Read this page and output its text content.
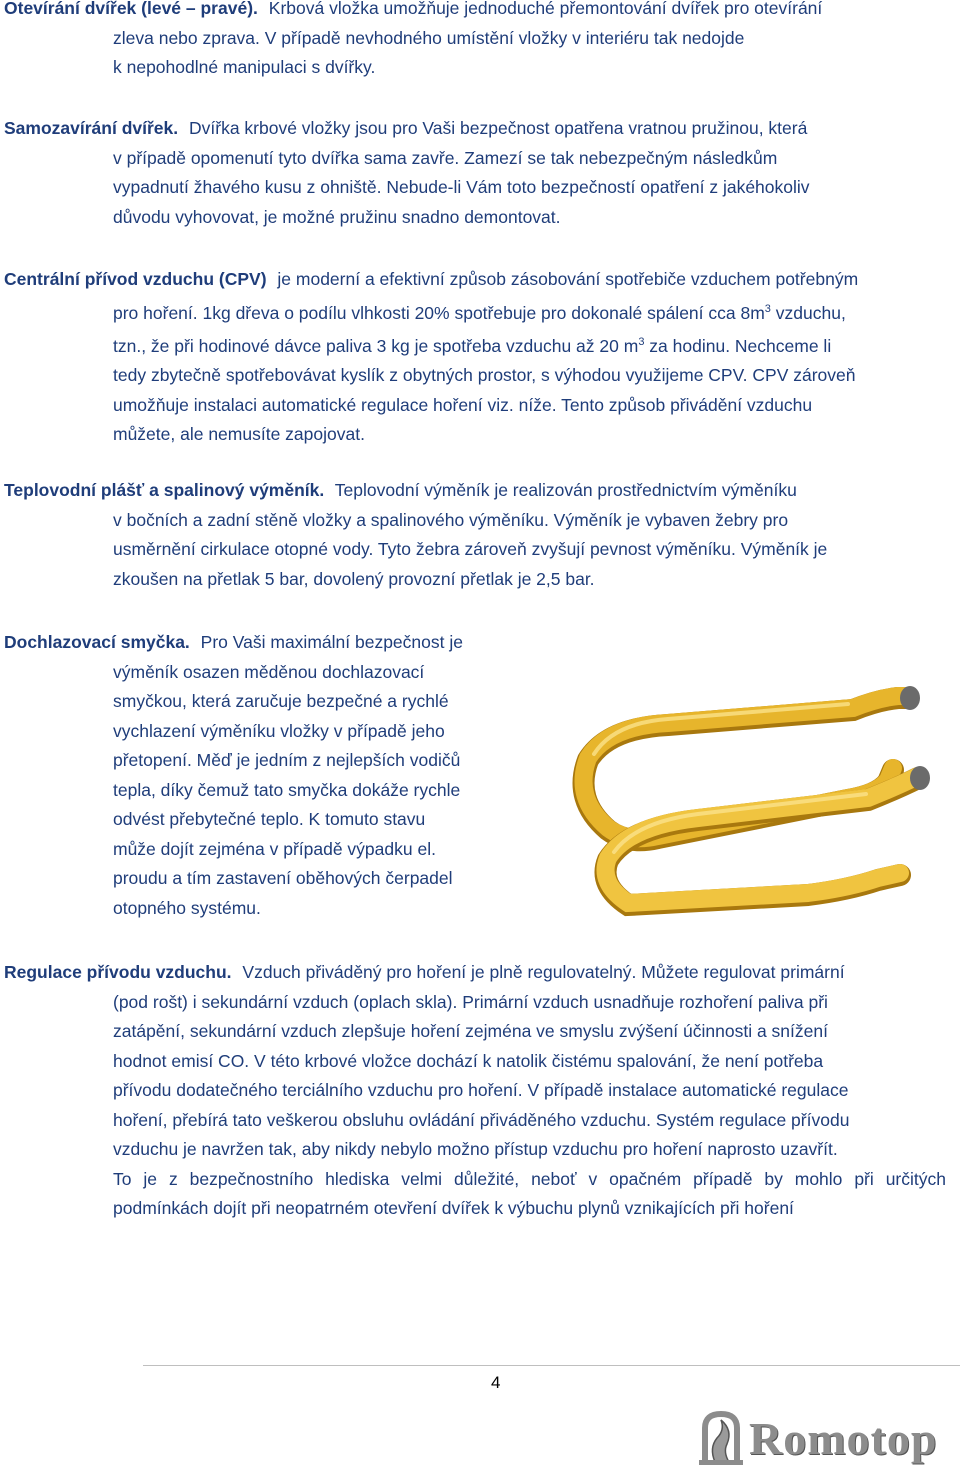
Otevírání dvířek (levé – pravé). Krbová vložka umožňuje jednoduché přemontování dvířek pro otevírání
zleva nebo zprava. V případě nevhodného umístění vložky v interiéru tak nedojde
k nepohodlné manipulaci s dvířky.
Samozavírání dvířek. Dvířka krbové vložky jsou pro Vaši bezpečnost opatřena vratnou pružinou, která
v případě opomenutí tyto dvířka sama zavře. Zamezí se tak nebezpečným následkům
vypadnutí žhavého kusu z ohniště. Nebude-li Vám toto bezpečností opatření z jakéhokoliv
důvodu vyhovovat, je možné pružinu snadno demontovat.
Centrální přívod vzduchu (CPV) je moderní a efektivní způsob zásobování spotřebiče vzduchem potřebným
pro hoření. 1kg dřeva o podílu vlhkosti 20% spotřebuje pro dokonalé spálení cca $8m^3$ vzduchu,
tzn., že při hodinové dávce paliva 3 kg je spotřeba vzduchu až 20 $m^3$ za hodinu. Nechceme li
tedy zbytečně spotřebovávat kyslík z obytných prostor, s výhodou využijeme CPV. CPV zároveň
umožňuje instalaci automatické regulace hoření viz. níže. Tento způsob přivádění vzduchu
můžete, ale nemusíte zapojovat.
Teplovodní plášť a spalinový výměník. Teplovodní výměník je realizován prostřednictvím výměníku
v bočních a zadní stěně vložky a spalinového výměníku. Výměník je vybaven žebry pro
usměrnění cirkulace otopné vody. Tyto žebra zároveň zvyšují pevnost výměníku. Výměník je
zkoušen na přetlak 5 bar, dovolený provozní přetlak je 2,5 bar.
Dochlazovací smyčka. Pro Vaši maximální bezpečnost je
výměník osazen měděnou dochlazovací
smyčkou, která zaručuje bezpečné a rychlé
vychlazení výměníku vložky v případě jeho
přetopení. Měď je jedním z nejlepších vodičů
tepla, díky čemuž tato smyčka dokáže rychle
odvést přebytečné teplo. K tomuto stavu
může dojít zejména v případě výpadku el.
proudu a tím zastavení oběhových čerpadel
otopného systému.
Regulace přívodu vzduchu. Vzduch přiváděný pro hoření je plně regulovatelný. Můžete regulovat primární
(pod rošt) i sekundární vzduch (oplach skla). Primární vzduch usnadňuje rozhoření paliva při
zatápění, sekundární vzduch zlepšuje hoření zejména ve smyslu zvýšení účinnosti a snížení
hodnot emisí CO. V této krbové vložce dochází k natolik čistému spalování, že není potřeba
přívodu dodatečného terciálního vzduchu pro hoření. V případě instalace automatické regulace
hoření, přebírá tato veškerou obsluhu ovládání přiváděného vzduchu. Systém regulace přívodu
vzduchu je navržen tak, aby nikdy nebylo možno přístup vzduchu pro hoření naprosto uzavřít.
To je z bezpečnostního hlediska velmi důležité, neboť v opačném případě by mohlo při určitých
podmínkách dojít při neopatrném otevření dvířek k výbuchu plynů vznikajících při hoření
4
Romotop
